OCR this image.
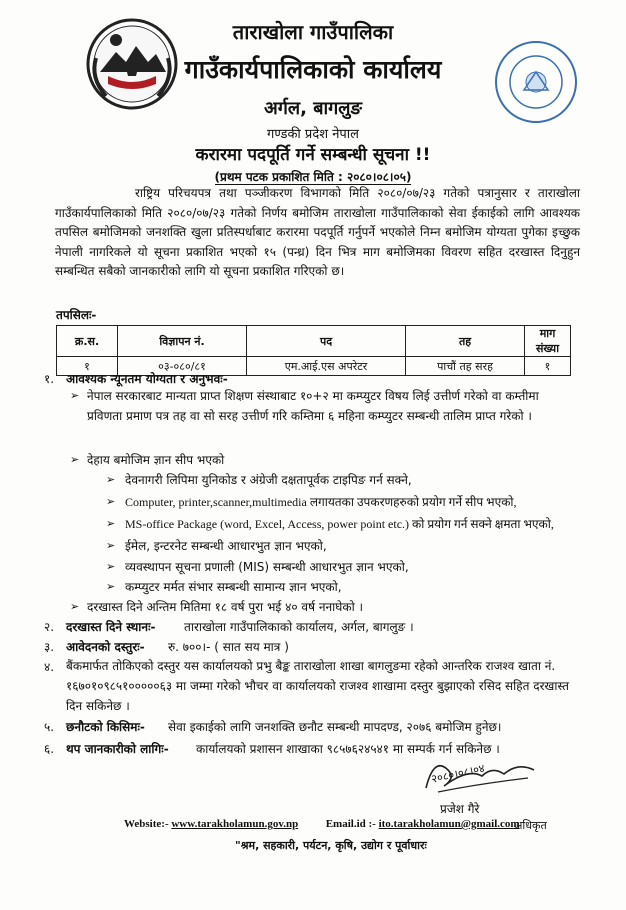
ताराखोला गाउँपालिका
गाउँकार्यपालिकाको कार्यालय
अर्गल, बागलुङ
गण्डकी प्रदेश नेपाल
करारमा पदपूर्ति गर्ने सम्बन्धी सूचना !!
(प्रथम पटक प्रकाशित मिति : २०८०।०८।०५)
राष्ट्रिय परिचयपत्र तथा पञ्जीकरण विभागको मिति २०८०/०७/२३ गतेको पत्रानुसार र ताराखोला गाउँकार्यपालिकाको मिति २०८०/०७/२३ गतेको निर्णय बमोजिम ताराखोला गाउँपालिकाको सेवा ईकाईको लागि आवश्यक तपसिल बमोजिमको जनशक्ति खुला प्रतिस्पर्धाबाट करारमा पदपूर्ति गर्नुपर्ने भएकोले निम्न बमोजिम योग्यता पुगेका इच्छुक नेपाली नागरिकले यो सूचना प्रकाशित भएको १५ (पन्ध्र) दिन भित्र माग बमोजिमका विवरण सहित दरखास्त दिनुहुन सम्बन्धित सबैको जानकारीको लागि यो सूचना प्रकाशित गरिएको छ।
तपसिलः-
क्र.स.	विज्ञापन नं.	पद	तह	माग संख्या
१	०३-०८०/८१	एम.आई.एस अपरेटर	पाचौं तह सरह	१
१. आवश्यक न्यूनतम योग्यता र अनुभवः-
➢ नेपाल सरकारबाट मान्यता प्राप्त शिक्षण संस्थाबाट १०+२ मा कम्प्युटर विषय लिई उत्तीर्ण गरेको वा कम्तीमा प्रविणता प्रमाण पत्र तह वा सो सरह उत्तीर्ण गरि कम्तिमा ६ महिना कम्प्युटर सम्बन्धी तालिम प्राप्त गरेको ।
➢ देहाय बमोजिम ज्ञान सीप भएको
➢ देवनागरी लिपिमा युनिकोड र अंग्रेजी दक्षतापूर्वक टाइपिङ गर्न सक्ने,
➢ Computer, printer,scanner,multimedia लगायतका उपकरणहरुको प्रयोग गर्ने सीप भएको,
➢ MS-office Package (word, Excel, Access, power point etc.) को प्रयोग गर्न सक्ने क्षमता भएको,
➢ ईमेल, इन्टरनेट सम्बन्धी आधारभुत ज्ञान भएको,
➢ व्यवस्थापन सूचना प्रणाली (MIS) सम्बन्धी आधारभुत ज्ञान भएको,
➢ कम्प्युटर मर्मत संभार सम्बन्धी सामान्य ज्ञान भएको,
➢ दरखास्त दिने अन्तिम मितिमा १८ वर्ष पुरा भई ४० वर्ष ननाघेको ।
२. दरखास्त दिने स्थानः- ताराखोला गाउँपालिकाको कार्यालय, अर्गल, बागलुङ ।
३. आवेदनको दस्तुरः- रु. ७००।- ( सात सय मात्र )
४. बैंकमार्फत तोकिएको दस्तुर यस कार्यालयको प्रभु बैङ्क ताराखोला शाखा बागलुङमा रहेको आन्तरिक राजश्व खाता नं. १६७०१०९८५१०००००६३ मा जम्मा गरेको भौचर वा कार्यालयको राजश्व शाखामा दस्तुर बुझाएको रसिद सहित दरखास्त दिन सकिनेछ ।
५. छनौटको किसिमः- सेवा इकाईको लागि जनशक्ति छनौट सम्बन्धी मापदण्ड, २०७६ बमोजिम हुनेछ।
६. थप जानकारीको लागिः- कार्यालयको प्रशासन शाखाका ९८५७६२४५४१ मा सम्पर्क गर्न सकिनेछ ।
२०८०।०८।०४
प्रजेश गैरे
अधिकृत
Website:- www.tarakholamun.gov.np	Email.id :- ito.tarakholamun@gmail.com
"श्रम, सहकारी, पर्यटन, कृषि, उद्योग र पूर्वाधारः
